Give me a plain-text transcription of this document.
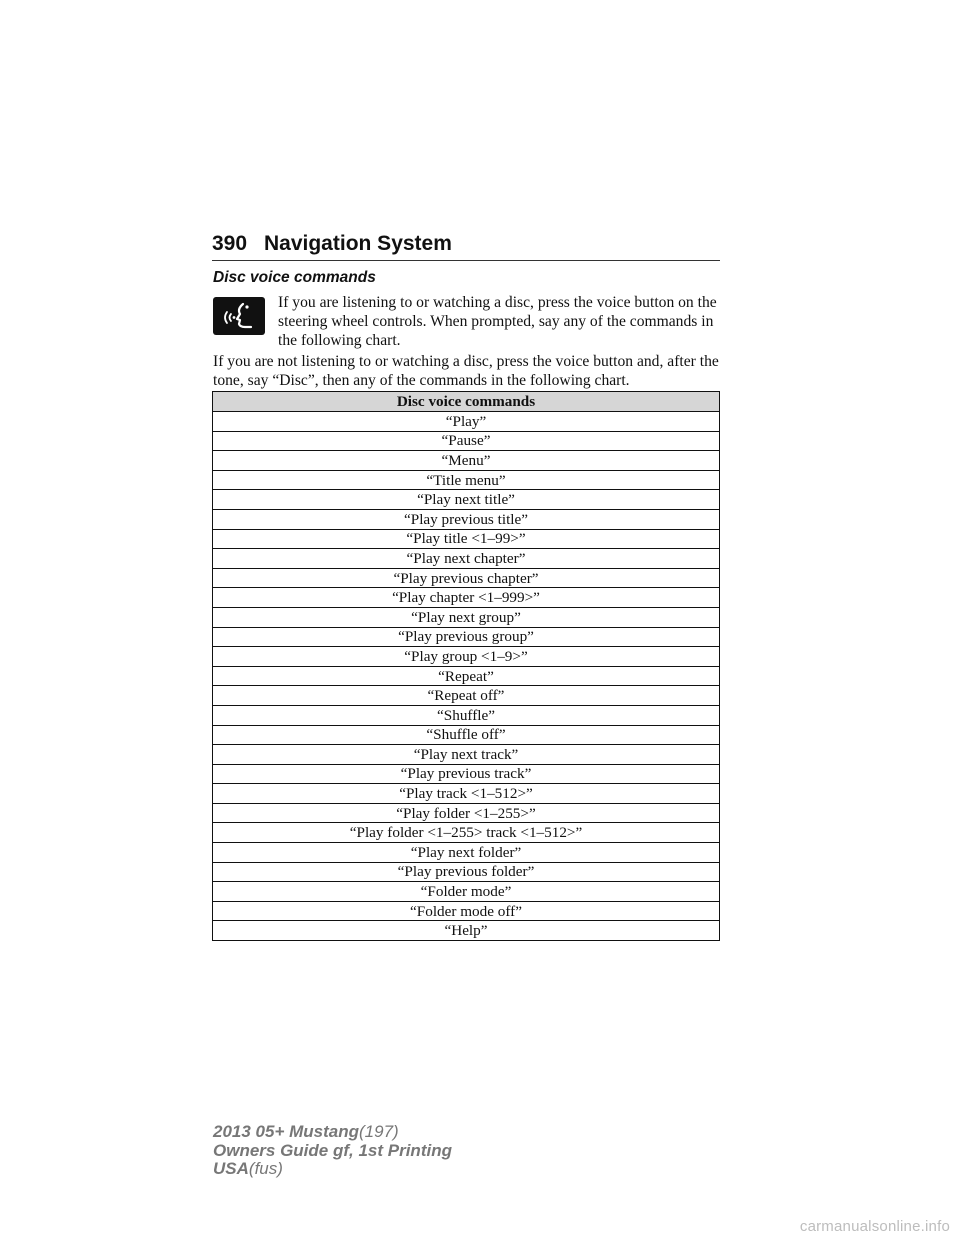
390 Navigation System
Disc voice commands
If you are listening to or watching a disc, press the voice button on the steering wheel controls. When prompted, say any of the commands in the following chart.
If you are not listening to or watching a disc, press the voice button and, after the tone, say “Disc”, then any of the commands in the following chart.
Disc voice commands
“Play”
“Pause”
“Menu”
“Title menu”
“Play next title”
“Play previous title”
“Play title <1–99>”
“Play next chapter”
“Play previous chapter”
“Play chapter <1–999>”
“Play next group”
“Play previous group”
“Play group <1–9>”
“Repeat”
“Repeat off”
“Shuffle”
“Shuffle off”
“Play next track”
“Play previous track”
“Play track <1–512>”
“Play folder <1–255>”
“Play folder <1–255> track <1–512>”
“Play next folder”
“Play previous folder”
“Folder mode”
“Folder mode off”
“Help”
2013 05+ Mustang(197)
Owners Guide gf, 1st Printing
USA(fus)
carmanualsonline.info
